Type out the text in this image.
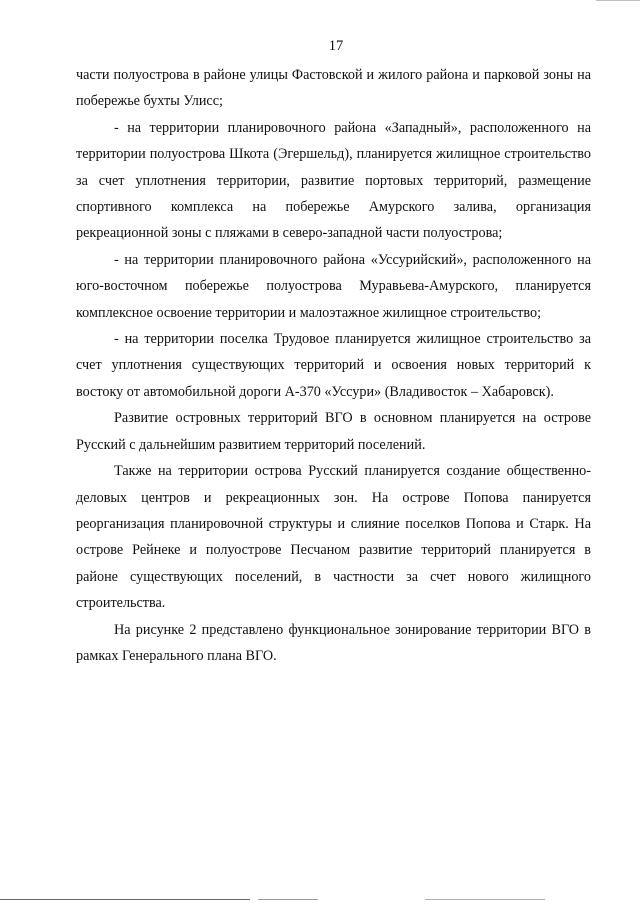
17

части полуострова в районе улицы Фастовской и жилого района и парковой зоны на побережье бухты Улисс;

- на территории планировочного района «Западный», расположенного на территории полуострова Шкота (Эгершельд), планируется жилищное строительство за счет уплотнения территории, развитие портовых территорий, размещение спортивного комплекса на побережье Амурского залива, организация рекреационной зоны с пляжами в северо-западной части полуострова;

- на территории планировочного района «Уссурийский», расположенного на юго-восточном побережье полуострова Муравьева-Амурского, планируется комплексное освоение территории и малоэтажное жилищное строительство;

- на территории поселка Трудовое планируется жилищное строительство за счет уплотнения существующих территорий и освоения новых территорий к востоку от автомобильной дороги А-370 «Уссури» (Владивосток – Хабаровск).

Развитие островных территорий ВГО в основном планируется на острове Русский с дальнейшим развитием территорий поселений.

Также на территории острова Русский планируется создание общественно-деловых центров и рекреационных зон. На острове Попова панируется реорганизация планировочной структуры и слияние поселков Попова и Старк. На острове Рейнеке и полуострове Песчаном развитие территорий планируется в районе существующих поселений, в частности за счет нового жилищного строительства.

На рисунке 2 представлено функциональное зонирование территории ВГО в рамках Генерального плана ВГО.
